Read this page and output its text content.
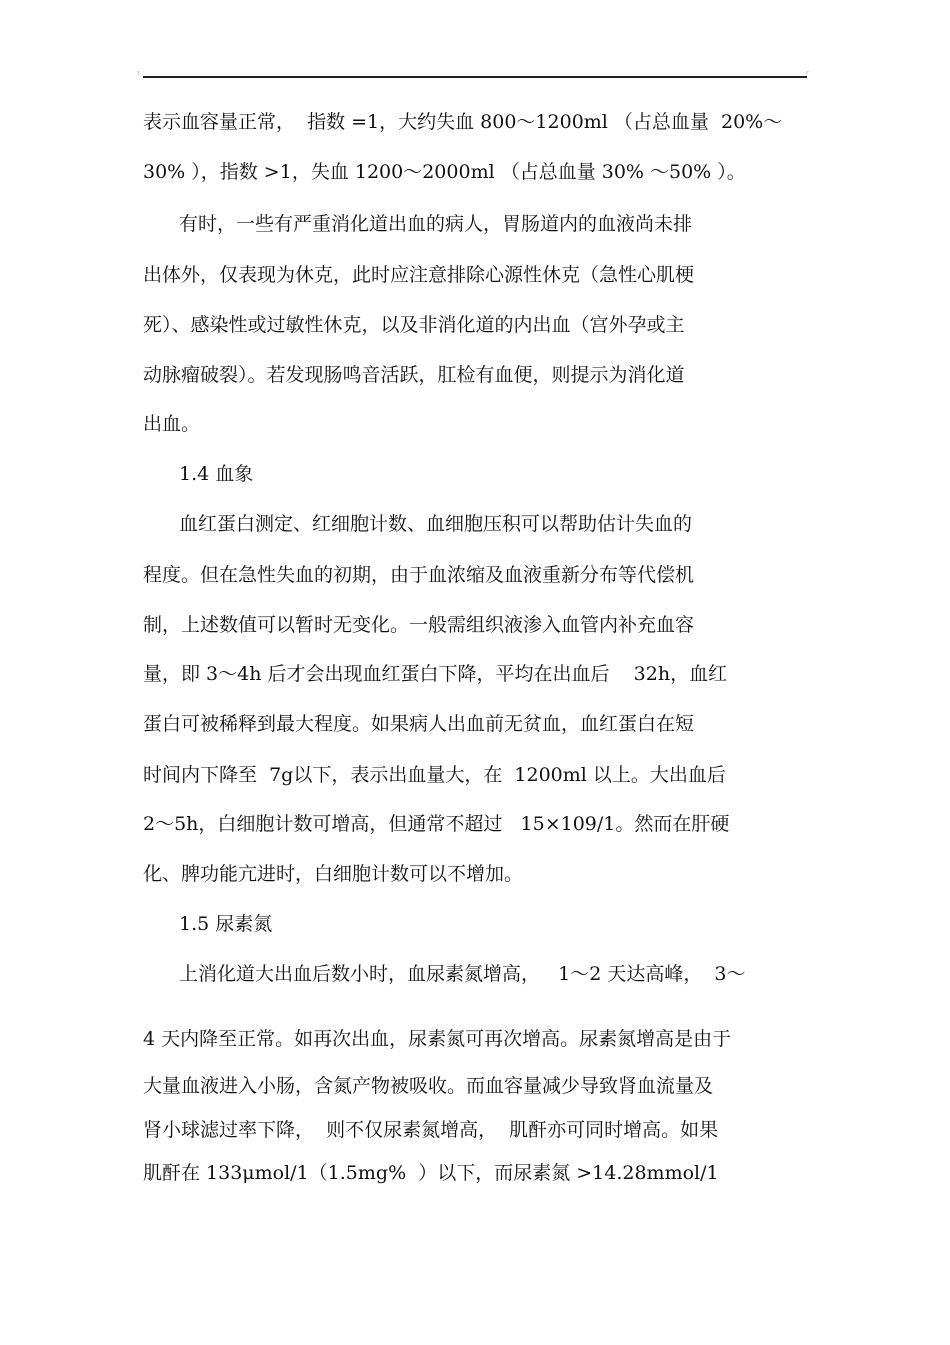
┐	┌
表示血容量正常，  指数 =1，大约失血 800～1200ml （占总血量  20%～
30% ），指数 >1，失血 1200～2000ml （占总血量 30% ～50% ）。
有时，一些有严重消化道出血的病人，胃肠道内的血液尚未排
出体外，仅表现为休克，此时应注意排除心源性休克（急性心肌梗
死）、感染性或过敏性休克，以及非消化道的内出血（宫外孕或主
动脉瘤破裂）。若发现肠鸣音活跃，肛检有血便，则提示为消化道
出血。
1.4 血象
血红蛋白测定、红细胞计数、血细胞压积可以帮助估计失血的
程度。但在急性失血的初期，由于血浓缩及血液重新分布等代偿机
制，上述数值可以暂时无变化。一般需组织液渗入血管内补充血容
量，即 3～4h 后才会出现血红蛋白下降，平均在出血后    32h，血红
蛋白可被稀释到最大程度。如果病人出血前无贫血，血红蛋白在短
时间内下降至  7g以下，表示出血量大，在  1200ml 以上。大出血后
2～5h，白细胞计数可增高，但通常不超过   15×109/1。然而在肝硬
化、脾功能亢进时，白细胞计数可以不增加。
1.5 尿素氮
上消化道大出血后数小时，血尿素氮增高，   1～2 天达高峰，  3～
4 天内降至正常。如再次出血，尿素氮可再次增高。尿素氮增高是由于
大量血液进入小肠，含氮产物被吸收。而血容量减少导致肾血流量及
肾小球滤过率下降，  则不仅尿素氮增高，  肌酐亦可同时增高。如果
肌酐在 133μmol/1（1.5mg%  ）以下，而尿素氮 >14.28mmol/1
